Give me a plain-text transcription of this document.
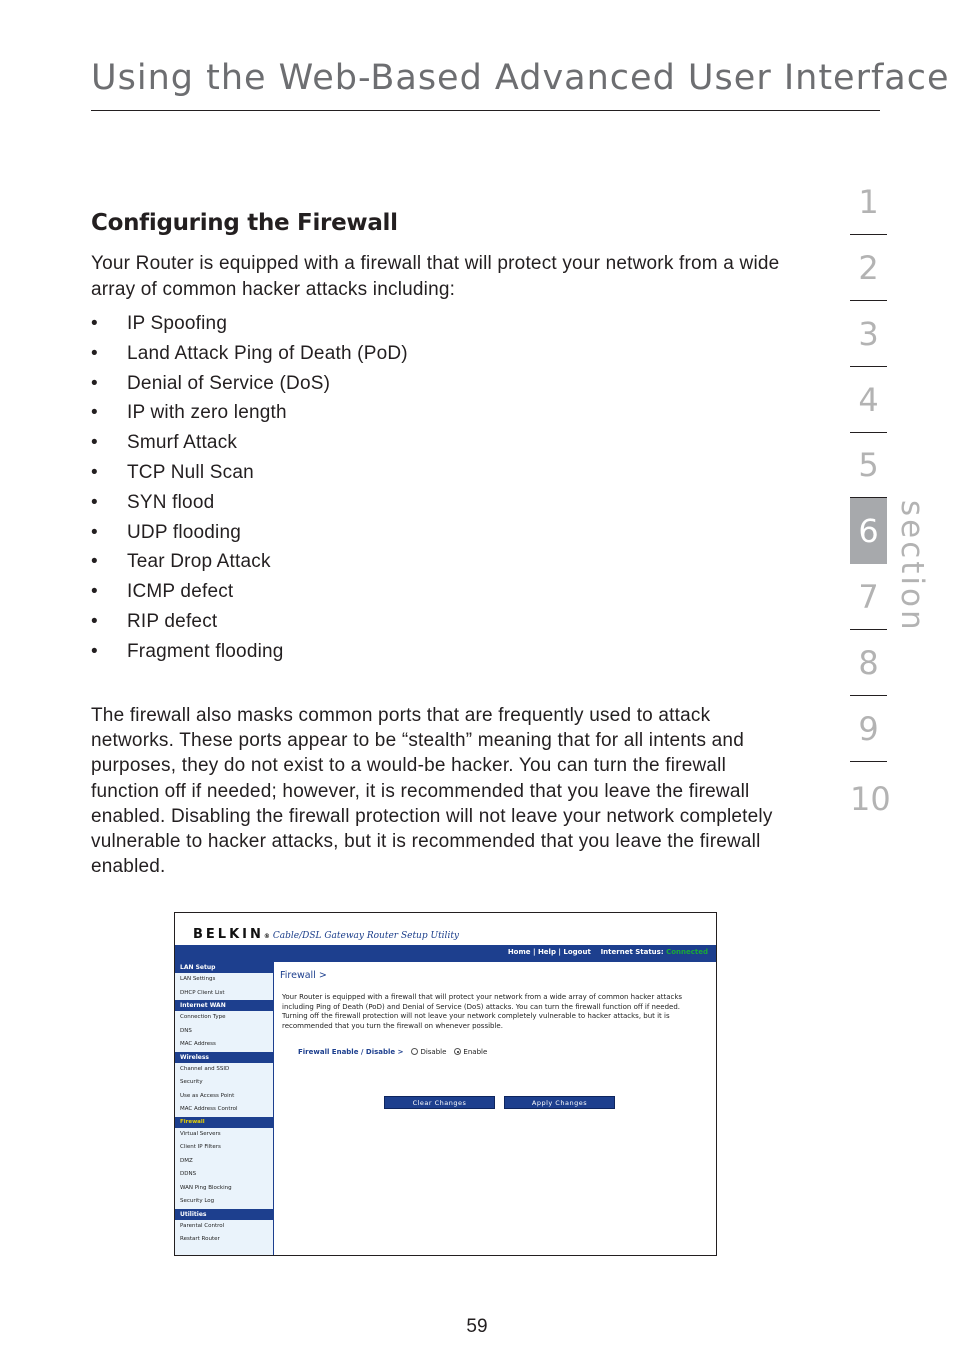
Using the Web-Based Advanced User Interface
Configuring the Firewall

Your Router is equipped with a firewall that will protect your network from a wide array of common hacker attacks including:

• IP Spoofing
• Land Attack Ping of Death (PoD)
• Denial of Service (DoS)
• IP with zero length
• Smurf Attack
• TCP Null Scan
• SYN flood
• UDP flooding
• Tear Drop Attack
• ICMP defect
• RIP defect
• Fragment flooding

The firewall also masks common ports that are frequently used to attack networks. These ports appear to be “stealth” meaning that for all intents and purposes, they do not exist to a would-be hacker. You can turn the firewall function off if needed; however, it is recommended that you leave the firewall enabled. Disabling the firewall protection will not leave your network completely vulnerable to hacker attacks, but it is recommended that you leave the firewall enabled.

1
2
3
4
5
6
7
8
9
10
section
BELKIN® Cable/DSL Gateway Router Setup Utility
Home | Help | Logout Internet Status: Connected
LAN Setup
LAN Settings
DHCP Client List
Internet WAN
Connection Type
DNS
MAC Address
Wireless
Channel and SSID
Security
Use as Access Point
MAC Address Control
Firewall
Virtual Servers
Client IP Filters
DMZ
DDNS
WAN Ping Blocking
Security Log
Utilities
Parental Control
Restart Router

Firewall >

Your Router is equipped with a firewall that will protect your network from a wide array of common hacker attacks including Ping of Death (PoD) and Denial of Service (DoS) attacks. You can turn the firewall function off if needed. Turning off the firewall protection will not leave your network completely vulnerable to hacker attacks, but it is recommended that you turn the firewall on whenever possible.

Firewall Enable / Disable > Disable Enable
Clear Changes	Apply Changes
59
